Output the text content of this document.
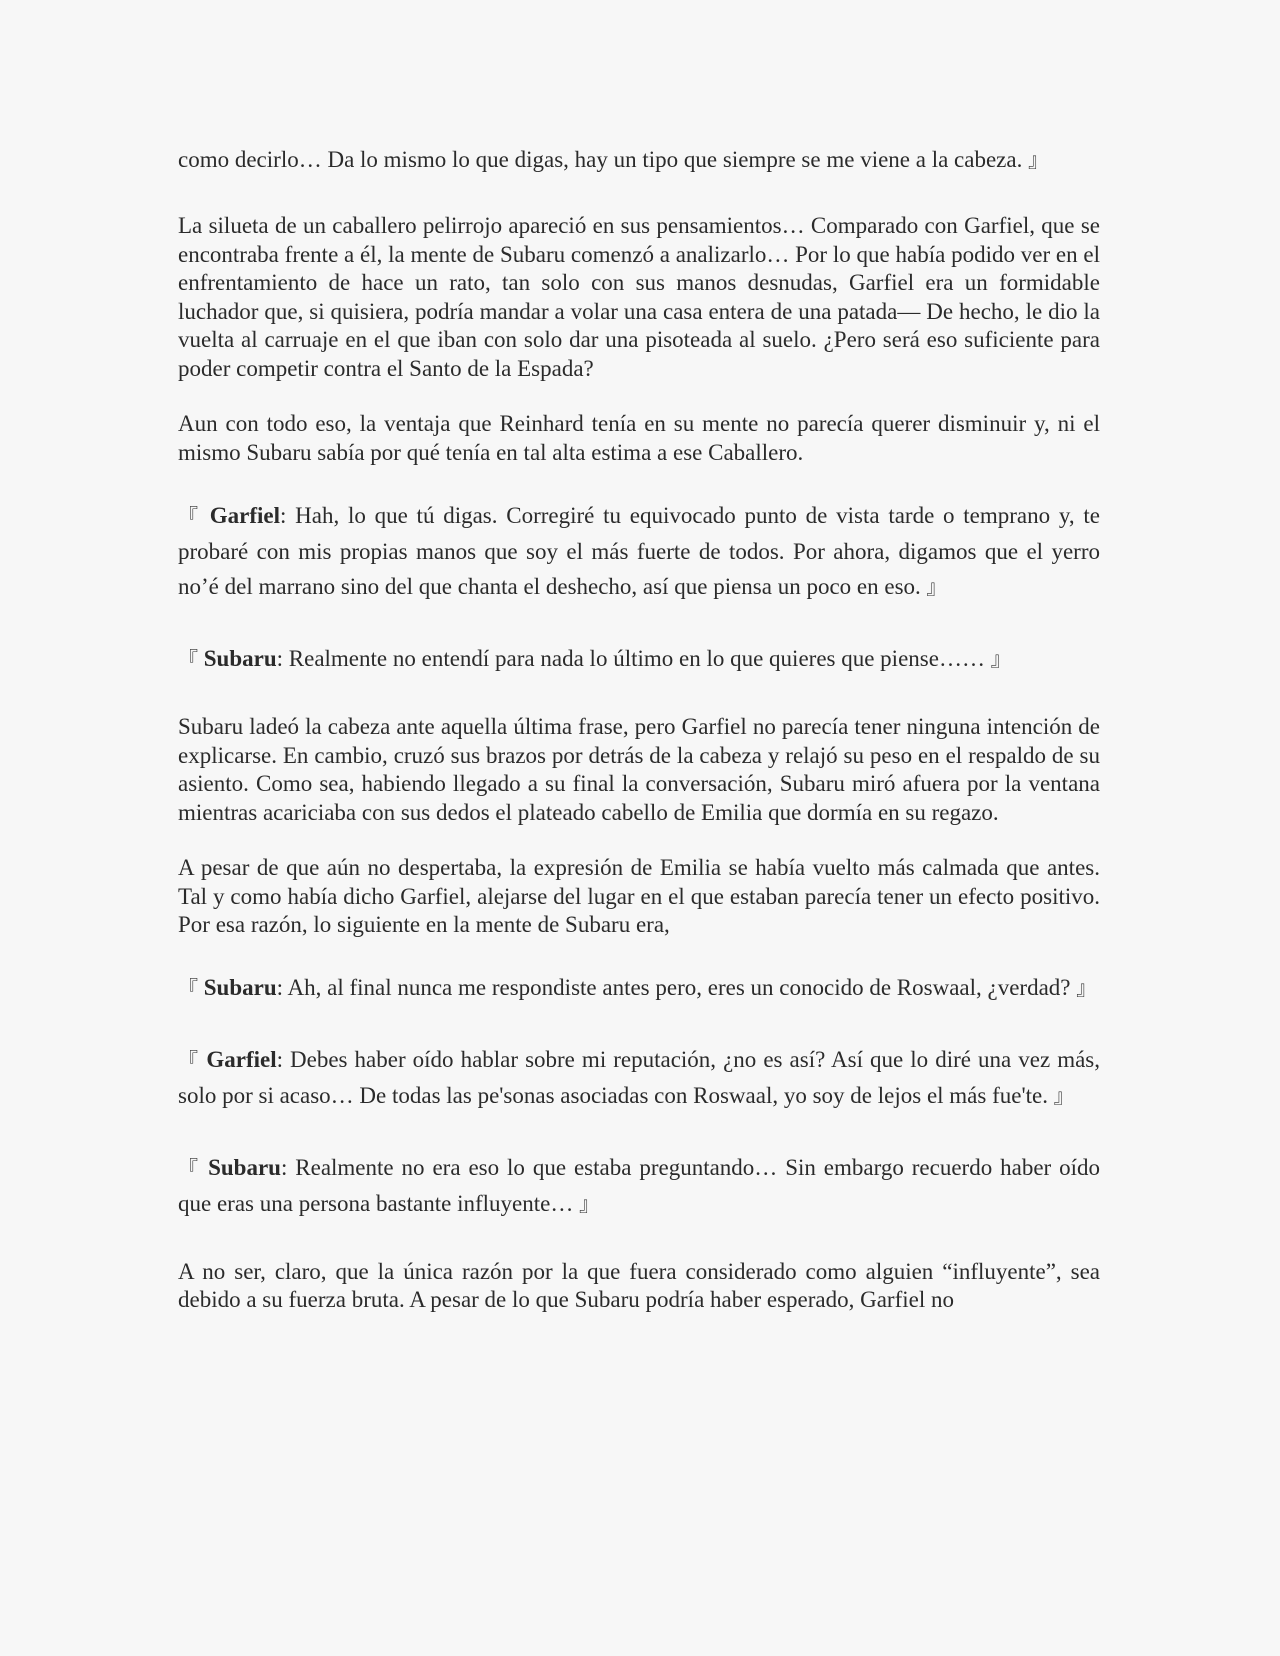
como decirlo… Da lo mismo lo que digas, hay un tipo que siempre se me viene a la cabeza. 』

La silueta de un caballero pelirrojo apareció en sus pensamientos… Comparado con Garfiel, que se encontraba frente a él, la mente de Subaru comenzó a analizarlo… Por lo que había podido ver en el enfrentamiento de hace un rato, tan solo con sus manos desnudas, Garfiel era un formidable luchador que, si quisiera, podría mandar a volar una casa entera de una patada— De hecho, le dio la vuelta al carruaje en el que iban con solo dar una pisoteada al suelo. ¿Pero será eso suficiente para poder competir contra el Santo de la Espada?

Aun con todo eso, la ventaja que Reinhard tenía en su mente no parecía querer disminuir y, ni el mismo Subaru sabía por qué tenía en tal alta estima a ese Caballero.

『 Garfiel: Hah, lo que tú digas. Corregiré tu equivocado punto de vista tarde o temprano y, te probaré con mis propias manos que soy el más fuerte de todos. Por ahora, digamos que el yerro no’é del marrano sino del que chanta el deshecho, así que piensa un poco en eso. 』

『 Subaru: Realmente no entendí para nada lo último en lo que quieres que piense…… 』

Subaru ladeó la cabeza ante aquella última frase, pero Garfiel no parecía tener ninguna intención de explicarse. En cambio, cruzó sus brazos por detrás de la cabeza y relajó su peso en el respaldo de su asiento. Como sea, habiendo llegado a su final la conversación, Subaru miró afuera por la ventana mientras acariciaba con sus dedos el plateado cabello de Emilia que dormía en su regazo.

A pesar de que aún no despertaba, la expresión de Emilia se había vuelto más calmada que antes. Tal y como había dicho Garfiel, alejarse del lugar en el que estaban parecía tener un efecto positivo. Por esa razón, lo siguiente en la mente de Subaru era,

『 Subaru: Ah, al final nunca me respondiste antes pero, eres un conocido de Roswaal, ¿verdad? 』

『 Garfiel: Debes haber oído hablar sobre mi reputación, ¿no es así? Así que lo diré una vez más, solo por si acaso… De todas las pe'sonas asociadas con Roswaal, yo soy de lejos el más fue'te. 』

『 Subaru: Realmente no era eso lo que estaba preguntando… Sin embargo recuerdo haber oído que eras una persona bastante influyente… 』

A no ser, claro, que la única razón por la que fuera considerado como alguien “influyente”, sea debido a su fuerza bruta. A pesar de lo que Subaru podría haber esperado, Garfiel no
